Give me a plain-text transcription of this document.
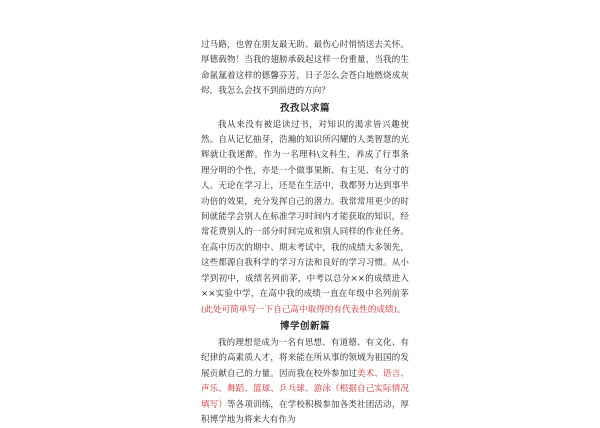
过马路，也曾在朋友最无助、最伤心时悄悄送去关怀。厚德载物！当我的翅膀承载起这样一份重量，当我的生命氤氲着这样的德馨芬芳，日子怎么会苍白地燃烧成灰烬，我怎么会找不到前进的方向？

孜孜以求篇

我从来没有被追读过书，对知识的渴求皆兴趣使然。自从记忆抽芽，浩瀚的知识所闪耀的人类智慧的光辉就让我迷醉。作为一名理科\文科生，养成了行事条理分明的个性，亦是一个做事果断、有主见、有分寸的人。无论在学习上，还是在生活中，我都努力达到事半功倍的效果，充分发挥自己的潜力。我常常用更少的时间就能学会别人在标准学习时间内才能获取的知识，经常花费别人的一部分时间完成和别人同样的作业任务。在高中历次的期中、期末考试中，我的成绩大多领先，这些都源自我科学的学习方法和良好的学习习惯。从小学到初中，成绩名列前茅，中考以总分××的成绩进入××实验中学，在高中我的成绩一直在年级中名列前茅(此处可简单写一下自己高中取得的有代表性的成绩)。

博学创新篇

我的理想是成为一名有思想、有道德、有文化、有纪律的高素质人才，将来能在所从事的领域为祖国的发展贡献自己的力量。因而我在校外参加过美术、语言、声乐、舞蹈、篮球、乒乓球、游泳（根据自己实际情况填写）等各项训练，在学校积极参加各类社团活动，厚积博学地为将来大有作为
